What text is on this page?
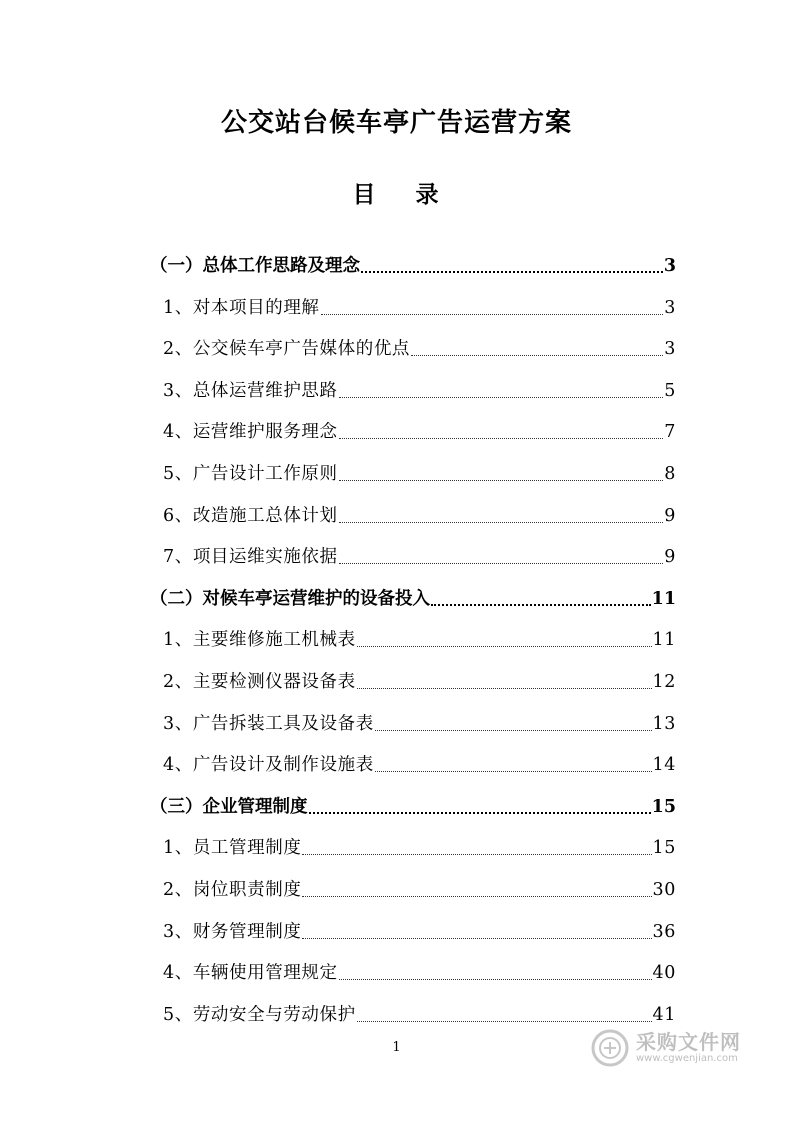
公交站台候车亭广告运营方案
目 录
（一）总体工作思路及理念	3
1、对本项目的理解	3
2、公交候车亭广告媒体的优点	3
3、总体运营维护思路	5
4、运营维护服务理念	7
5、广告设计工作原则	8
6、改造施工总体计划	9
7、项目运维实施依据	9
（二）对候车亭运营维护的设备投入	11
1、主要维修施工机械表	11
2、主要检测仪器设备表	12
3、广告拆装工具及设备表	13
4、广告设计及制作设施表	14
（三）企业管理制度	15
1、员工管理制度	15
2、岗位职责制度	30
3、财务管理制度	36
4、车辆使用管理规定	40
5、劳动安全与劳动保护	41
1	采购文件网
www.cgwenjian.com
